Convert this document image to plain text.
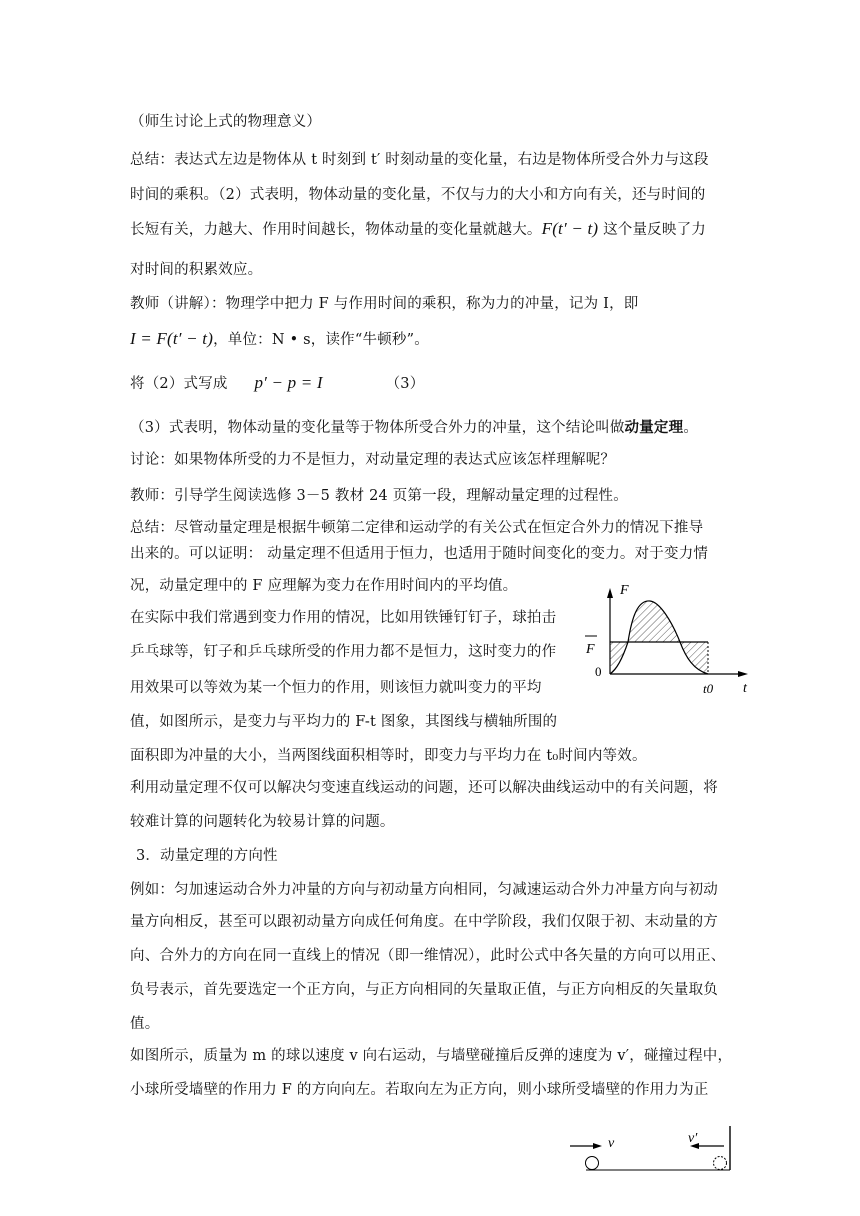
（师生讨论上式的物理意义）
总结：表达式左边是物体从 t 时刻到 t′ 时刻动量的变化量，右边是物体所受合外力与这段
时间的乘积。（2）式表明，物体动量的变化量，不仅与力的大小和方向有关，还与时间的
长短有关，力越大、作用时间越长，物体动量的变化量就越大。F(t′ − t) 这个量反映了力
对时间的积累效应。
教师（讲解）：物理学中把力 F 与作用时间的乘积，称为力的冲量，记为 I，即
I = F(t′ − t)，单位：N • s，读作“牛顿秒”。
将（2）式写成 p′ − p = I	（3）
（3）式表明，物体动量的变化量等于物体所受合外力的冲量，这个结论叫做动量定理。
讨论：如果物体所受的力不是恒力，对动量定理的表达式应该怎样理解呢？
教师：引导学生阅读选修 3－5 教材 24 页第一段，理解动量定理的过程性。
总结：尽管动量定理是根据牛顿第二定律和运动学的有关公式在恒定合外力的情况下推导
出来的。可以证明： 动量定理不但适用于恒力，也适用于随时间变化的变力。对于变力情
况，动量定理中的 F 应理解为变力在作用时间内的平均值。
在实际中我们常遇到变力作用的情况，比如用铁锤钉钉子，球拍击
乒乓球等，钉子和乒乓球所受的作用力都不是恒力，这时变力的作
用效果可以等效为某一个恒力的作用，则该恒力就叫变力的平均
值，如图所示，是变力与平均力的 F-t 图象，其图线与横轴所围的
面积即为冲量的大小，当两图线面积相等时，即变力与平均力在 t₀时间内等效。
利用动量定理不仅可以解决匀变速直线运动的问题，还可以解决曲线运动中的有关问题，将
较难计算的问题转化为较易计算的问题。
3．动量定理的方向性
例如：匀加速运动合外力冲量的方向与初动量方向相同，匀减速运动合外力冲量方向与初动
量方向相反，甚至可以跟初动量方向成任何角度。在中学阶段，我们仅限于初、末动量的方
向、合外力的方向在同一直线上的情况（即一维情况），此时公式中各矢量的方向可以用正、
负号表示，首先要选定一个正方向，与正方向相同的矢量取正值，与正方向相反的矢量取负
值。
如图所示，质量为 m 的球以速度 v 向右运动，与墙壁碰撞后反弹的速度为 v′，碰撞过程中，
小球所受墙壁的作用力 F 的方向向左。若取向左为正方向，则小球所受墙壁的作用力为正
F
F
0
t0 t
v	v′
